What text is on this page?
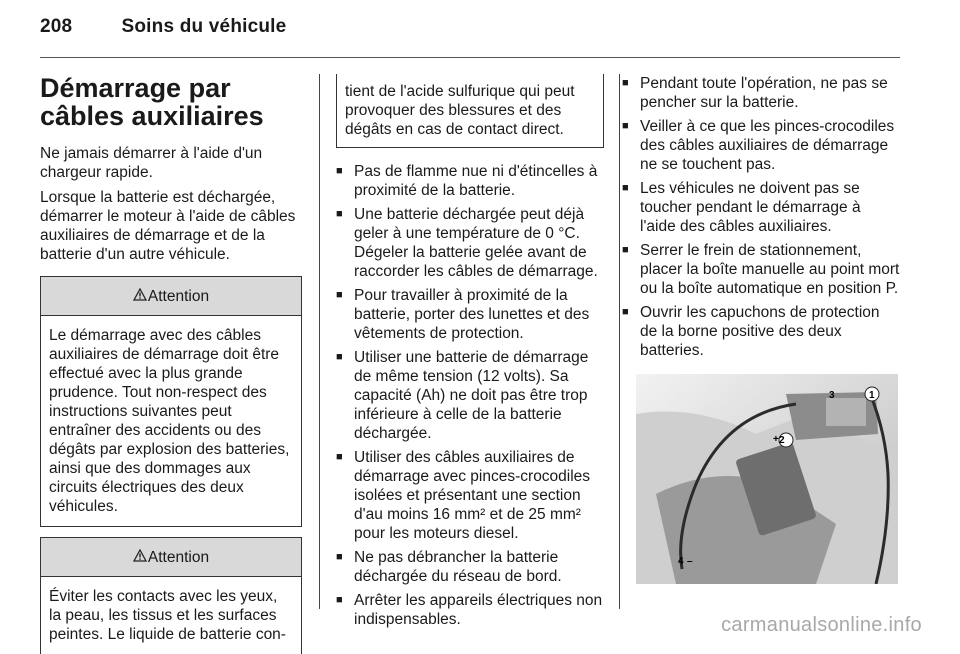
208	Soins du véhicule
Démarrage par câbles auxiliaires

Ne jamais démarrer à l'aide d'un chargeur rapide.

Lorsque la batterie est déchargée, démarrer le moteur à l'aide de câbles auxiliaires de démarrage et de la batterie d'un autre véhicule.

Attention
Le démarrage avec des câbles auxiliaires de démarrage doit être effectué avec la plus grande prudence. Tout non-respect des instructions suivantes peut entraîner des accidents ou des dégâts par explosion des batteries, ainsi que des dommages aux circuits électriques des deux véhicules.
Attention
Éviter les contacts avec les yeux, la peau, les tissus et les surfaces peintes. Le liquide de batterie con-
tient de l'acide sulfurique qui peut provoquer des blessures et des dégâts en cas de contact direct.
■ Pas de flamme nue ni d'étincelles à proximité de la batterie.
■ Une batterie déchargée peut déjà geler à une température de 0 °C. Dégeler la batterie gelée avant de raccorder les câbles de démarrage.
■ Pour travailler à proximité de la batterie, porter des lunettes et des vêtements de protection.
■ Utiliser une batterie de démarrage de même tension (12 volts). Sa capacité (Ah) ne doit pas être trop inférieure à celle de la batterie déchargée.
■ Utiliser des câbles auxiliaires de démarrage avec pinces-crocodiles isolées et présentant une section d'au moins 16 mm² et de 25 mm² pour les moteurs diesel.
■ Ne pas débrancher la batterie déchargée du réseau de bord.
■ Arrêter les appareils électriques non indispensables.
■ Pendant toute l'opération, ne pas se pencher sur la batterie.
■ Veiller à ce que les pinces-crocodiles des câbles auxiliaires de démarrage ne se touchent pas.
■ Les véhicules ne doivent pas se toucher pendant le démarrage à l'aide des câbles auxiliaires.
■ Serrer le frein de stationnement, placer la boîte manuelle au point mort ou la boîte automatique en position P.
■ Ouvrir les capuchons de protection de la borne positive des deux batteries.
1
2
3
4
+
–
carmanualsonline.info
